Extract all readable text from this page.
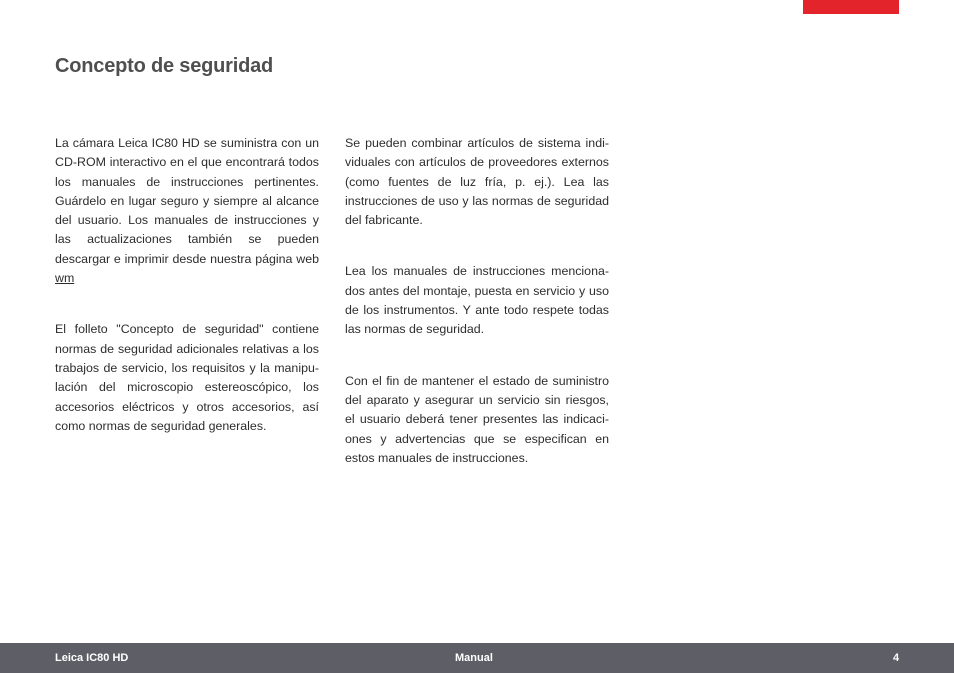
Concepto de seguridad

La cámara Leica IC80 HD se suministra con un CD-ROM interactivo en el que encontrará todos los manuales de instrucciones pertinentes. Guárdelo en lugar seguro y siempre al alcance del usuario. Los manuales de instrucciones y las actualizaciones también se pueden descargar e imprimir desde nuestra página web wm

El folleto "Concepto de seguridad" contiene normas de seguridad adicionales relativas a los trabajos de servicio, los requisitos y la manipulación del microscopio estereoscópico, los accesorios eléctricos y otros accesorios, así como normas de seguridad generales.

Se pueden combinar artículos de sistema individuales con artículos de proveedores externos (como fuentes de luz fría, p. ej.). Lea las instrucciones de uso y las normas de seguridad del fabricante.

Lea los manuales de instrucciones mencionados antes del montaje, puesta en servicio y uso de los instrumentos. Y ante todo respete todas las normas de seguridad.

Con el fin de mantener el estado de suministro del aparato y asegurar un servicio sin riesgos, el usuario deberá tener presentes las indicaciones y advertencias que se especifican en estos manuales de instrucciones.

Leica IC80 HD	Manual	4
